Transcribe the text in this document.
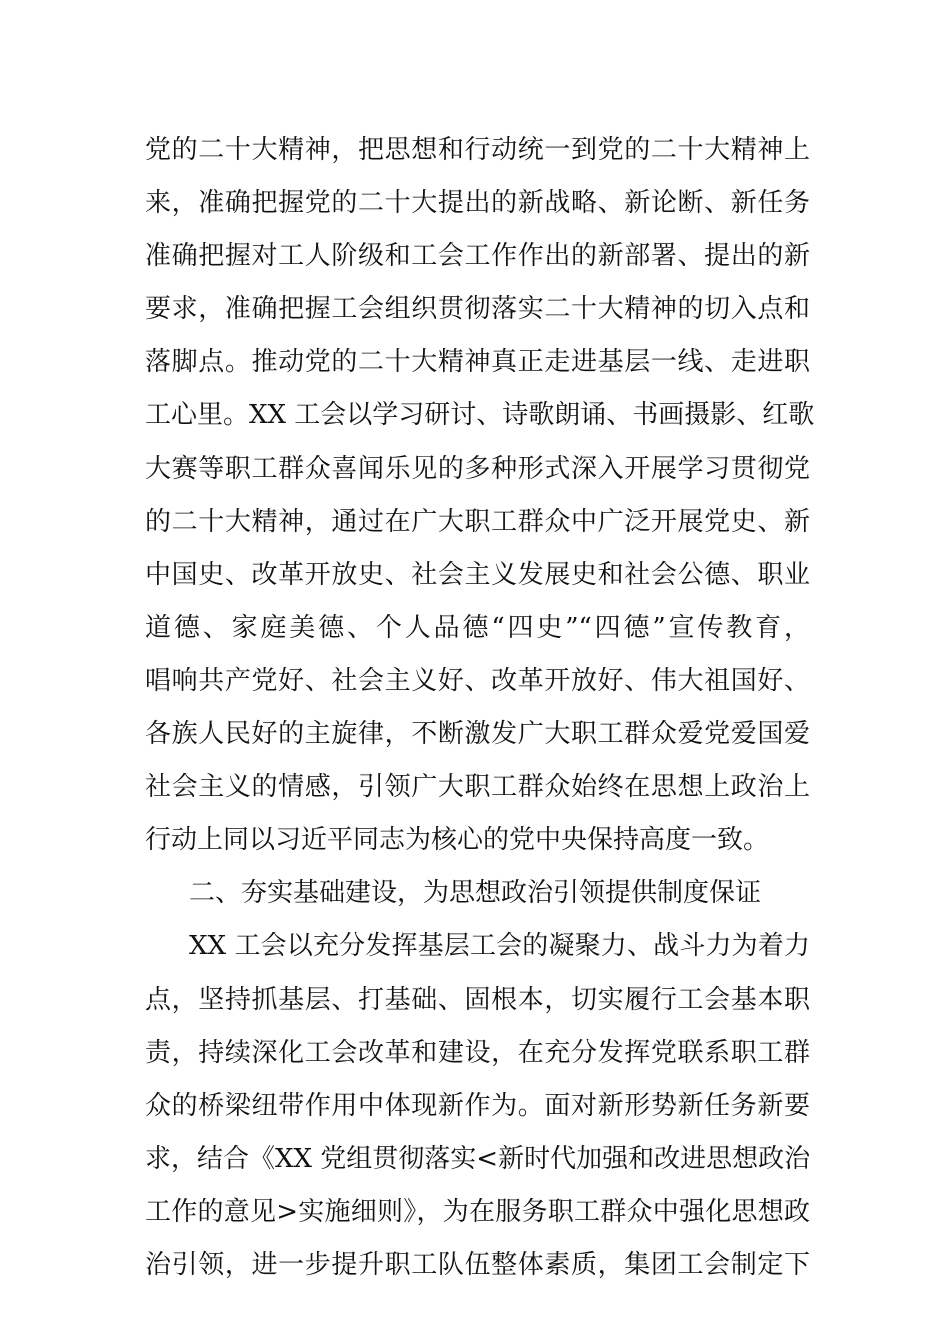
党的二十大精神，把思想和行动统一到党的二十大精神上
来，准确把握党的二十大提出的新战略、新论断、新任务
准确把握对工人阶级和工会工作作出的新部署、提出的新
要求，准确把握工会组织贯彻落实二十大精神的切入点和
落脚点。推动党的二十大精神真正走进基层一线、走进职
工心里。XX 工会以学习研讨、诗歌朗诵、书画摄影、红歌
大赛等职工群众喜闻乐见的多种形式深入开展学习贯彻党
的二十大精神，通过在广大职工群众中广泛开展党史、新
中国史、改革开放史、社会主义发展史和社会公德、职业
道德、家庭美德、个人品德“四史”“四德”宣传教育，
唱响共产党好、社会主义好、改革开放好、伟大祖国好、
各族人民好的主旋律，不断激发广大职工群众爱党爱国爱
社会主义的情感，引领广大职工群众始终在思想上政治上
行动上同以习近平同志为核心的党中央保持高度一致。
二、夯实基础建设，为思想政治引领提供制度保证
XX 工会以充分发挥基层工会的凝聚力、战斗力为着力
点，坚持抓基层、打基础、固根本，切实履行工会基本职
责，持续深化工会改革和建设，在充分发挥党联系职工群
众的桥梁纽带作用中体现新作为。面对新形势新任务新要
求，结合《XX 党组贯彻落实<新时代加强和改进思想政治
工作的意见>实施细则》，为在服务职工群众中强化思想政
治引领，进一步提升职工队伍整体素质，集团工会制定下
